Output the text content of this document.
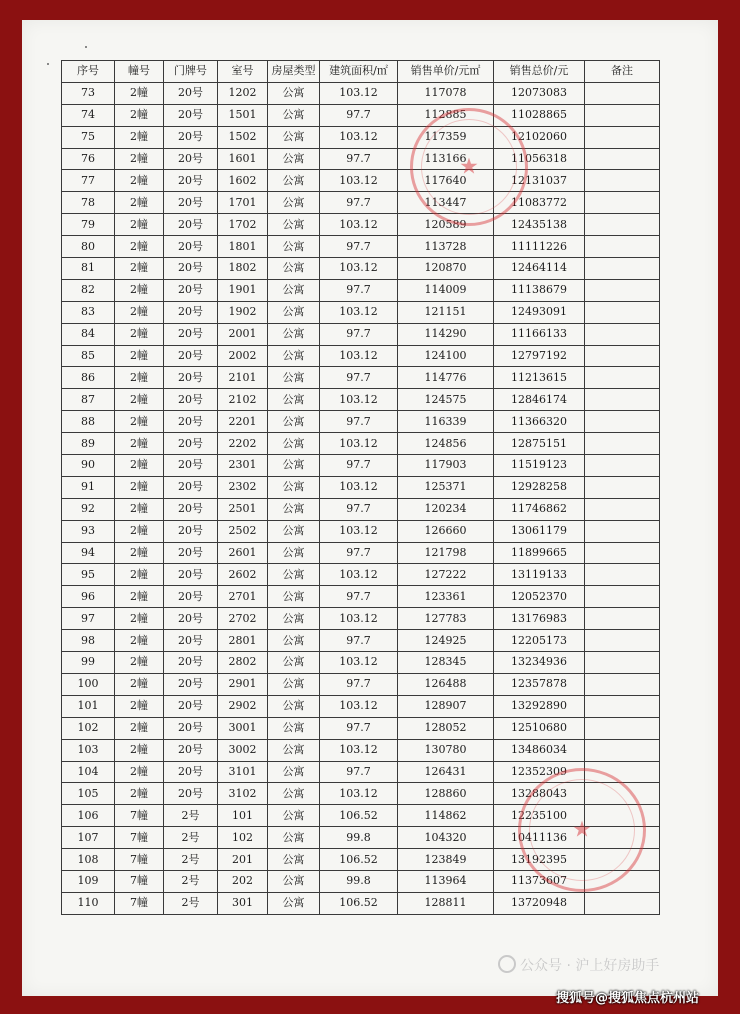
序号	幢号	门牌号	室号	房屋类型	建筑面积/㎡	销售单价/元㎡	销售总价/元	备注
73	2幢	20号	1202	公寓	103.12	117078	12073083	
74	2幢	20号	1501	公寓	97.7	112885	11028865	
75	2幢	20号	1502	公寓	103.12	117359	12102060	
76	2幢	20号	1601	公寓	97.7	113166	11056318	
77	2幢	20号	1602	公寓	103.12	117640	12131037	
78	2幢	20号	1701	公寓	97.7	113447	11083772	
79	2幢	20号	1702	公寓	103.12	120589	12435138	
80	2幢	20号	1801	公寓	97.7	113728	11111226	
81	2幢	20号	1802	公寓	103.12	120870	12464114	
82	2幢	20号	1901	公寓	97.7	114009	11138679	
83	2幢	20号	1902	公寓	103.12	121151	12493091	
84	2幢	20号	2001	公寓	97.7	114290	11166133	
85	2幢	20号	2002	公寓	103.12	124100	12797192	
86	2幢	20号	2101	公寓	97.7	114776	11213615	
87	2幢	20号	2102	公寓	103.12	124575	12846174	
88	2幢	20号	2201	公寓	97.7	116339	11366320	
89	2幢	20号	2202	公寓	103.12	124856	12875151	
90	2幢	20号	2301	公寓	97.7	117903	11519123	
91	2幢	20号	2302	公寓	103.12	125371	12928258	
92	2幢	20号	2501	公寓	97.7	120234	11746862	
93	2幢	20号	2502	公寓	103.12	126660	13061179	
94	2幢	20号	2601	公寓	97.7	121798	11899665	
95	2幢	20号	2602	公寓	103.12	127222	13119133	
96	2幢	20号	2701	公寓	97.7	123361	12052370	
97	2幢	20号	2702	公寓	103.12	127783	13176983	
98	2幢	20号	2801	公寓	97.7	124925	12205173	
99	2幢	20号	2802	公寓	103.12	128345	13234936	
100	2幢	20号	2901	公寓	97.7	126488	12357878	
101	2幢	20号	2902	公寓	103.12	128907	13292890	
102	2幢	20号	3001	公寓	97.7	128052	12510680	
103	2幢	20号	3002	公寓	103.12	130780	13486034	
104	2幢	20号	3101	公寓	97.7	126431	12352309	
105	2幢	20号	3102	公寓	103.12	128860	13288043	
106	7幢	2号	101	公寓	106.52	114862	12235100	
107	7幢	2号	102	公寓	99.8	104320	10411136	
108	7幢	2号	201	公寓	106.52	123849	13192395	
109	7幢	2号	202	公寓	99.8	113964	11373607	
110	7幢	2号	301	公寓	106.52	128811	13720948	
★
★
公众号 · 沪上好房助手
搜狐号@搜狐焦点杭州站
